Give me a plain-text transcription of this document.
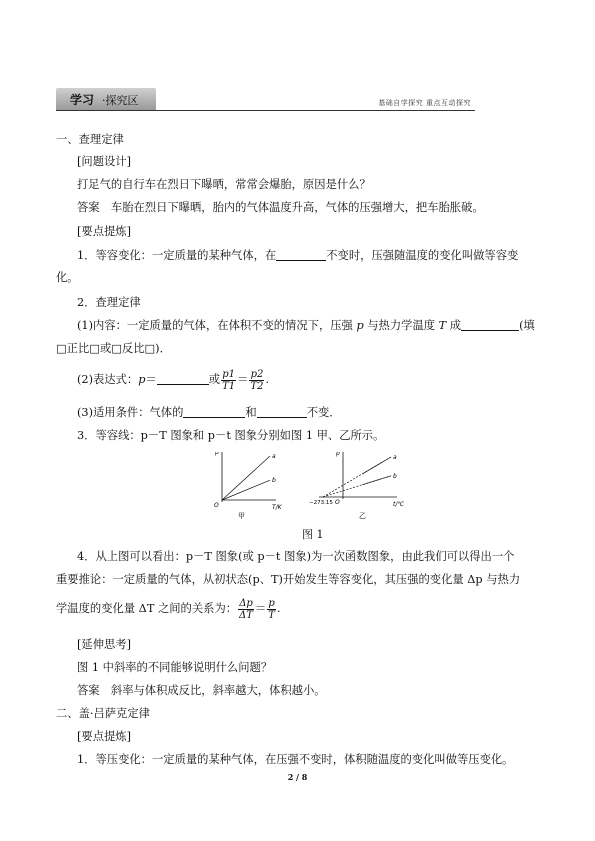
学习 ·探究区	基础自学探究 重点互动探究
一、查理定律
[问题设计]
打足气的自行车在烈日下曝晒，常常会爆胎，原因是什么？
答案　车胎在烈日下曝晒，胎内的气体温度升高，气体的压强增大，把车胎胀破。
[要点提炼]
1．等容变化：一定质量的某种气体，在	不变时，压强随温度的变化叫做等容变
化。
2．查理定律
(1)内容：一定质量的气体，在体积不变的情况下，压强 p 与热力学温度 T 成	(填
□正比□或□反比□)．
(2)表达式：p＝	或 $\frac{p1}{T1} = \frac{p2}{T2}$ .
(3)适用条件：气体的	和	不变．
3．等容线：p－T 图象和 p－t 图象分别如图 1 甲、乙所示。
p
T/K
O
a
b
甲
p
t/℃
O
−273.15
a
b
乙
图 1
4．从上图可以看出：p－T 图象(或 p－t 图象)为一次函数图象，由此我们可以得出一个
重要推论：一定质量的气体，从初状态(p、T)开始发生等容变化，其压强的变化量 Δp 与热力
学温度的变化量 ΔT 之间的关系为： $\frac{\Delta p}{\Delta T} = \frac{p}{T}$ .
[延伸思考]
图 1 中斜率的不同能够说明什么问题？
答案　斜率与体积成反比，斜率越大，体积越小。
二、盖·吕萨克定律
[要点提炼]
1．等压变化：一定质量的某种气体，在压强不变时，体积随温度的变化叫做等压变化。
2 / 8
